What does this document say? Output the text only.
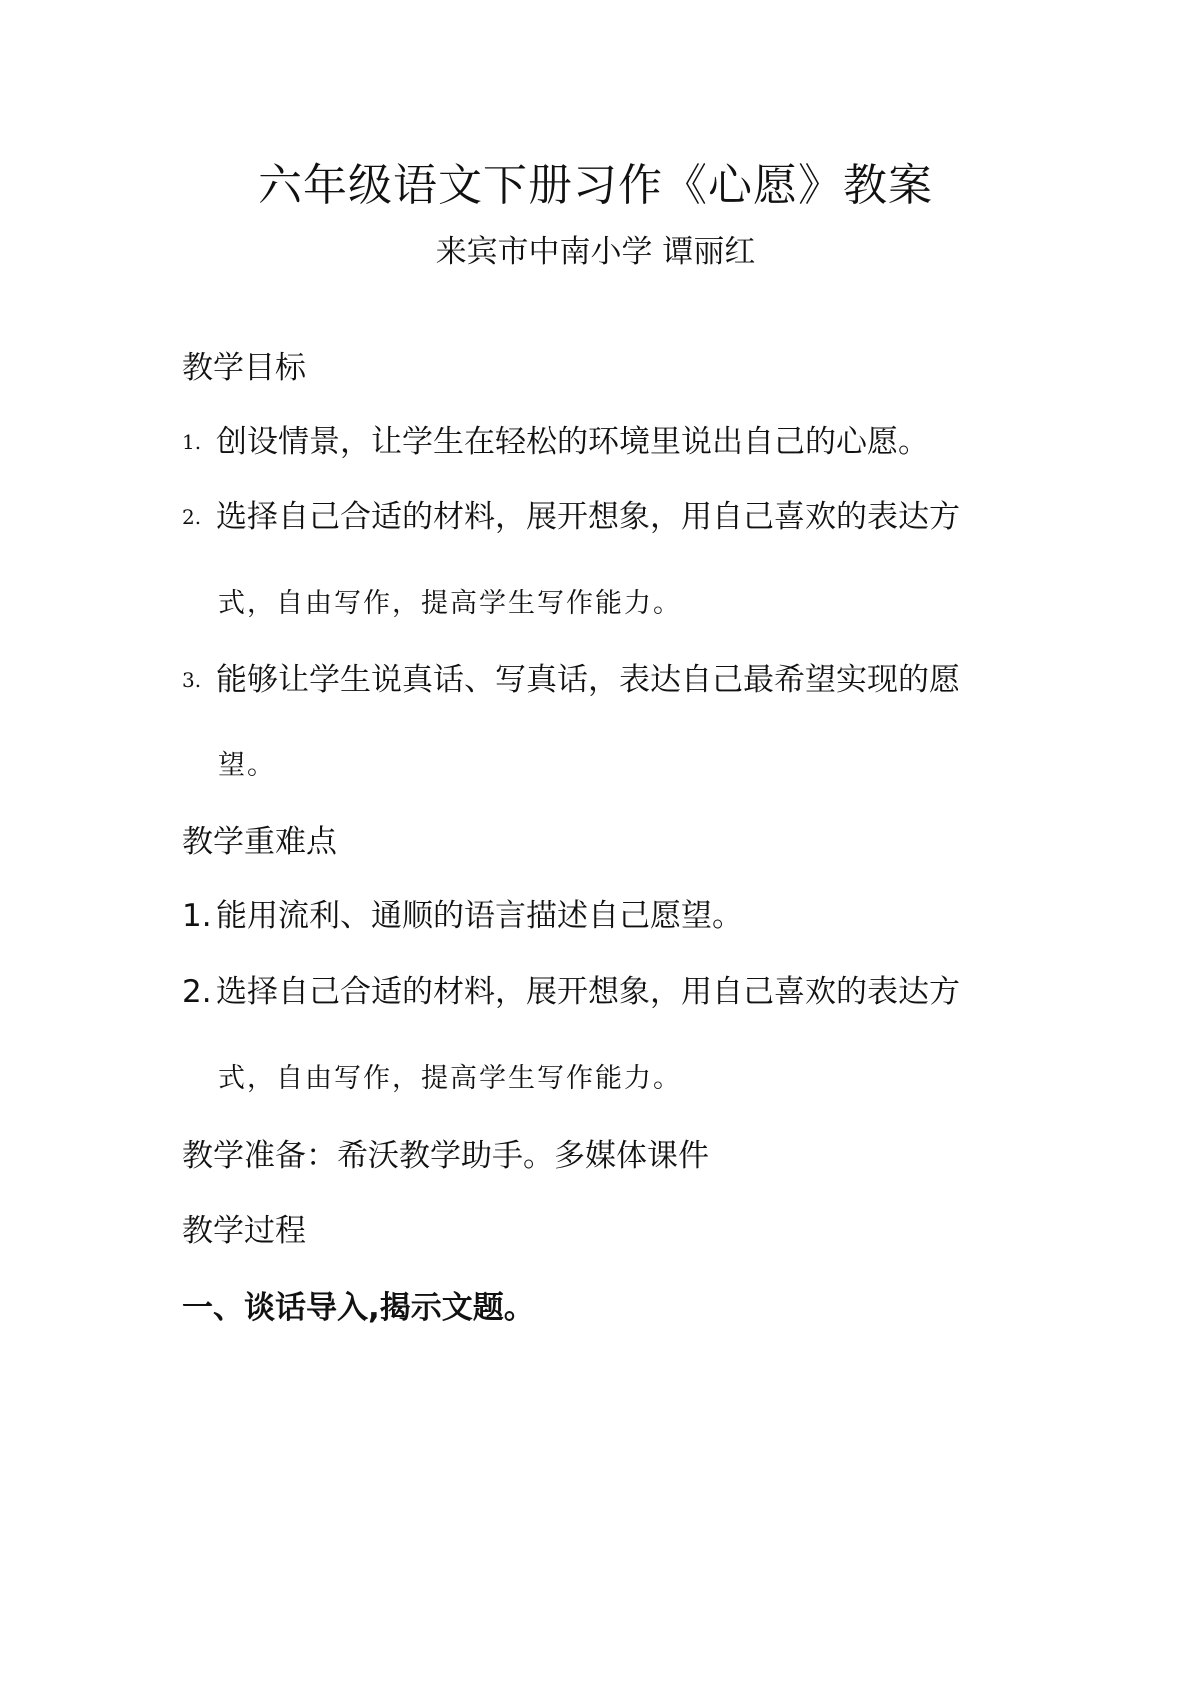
六年级语文下册习作《心愿》教案
来宾市中南小学 谭丽红
教学目标
1. 创设情景，让学生在轻松的环境里说出自己的心愿。
2. 选择自己合适的材料，展开想象，用自己喜欢的表达方
式，自由写作，提高学生写作能力。
3. 能够让学生说真话、写真话，表达自己最希望实现的愿
望。
教学重难点
1. 能用流利、通顺的语言描述自己愿望。
2. 选择自己合适的材料，展开想象，用自己喜欢的表达方
式，自由写作，提高学生写作能力。
教学准备：希沃教学助手。多媒体课件
教学过程
一、谈话导入,揭示文题。
